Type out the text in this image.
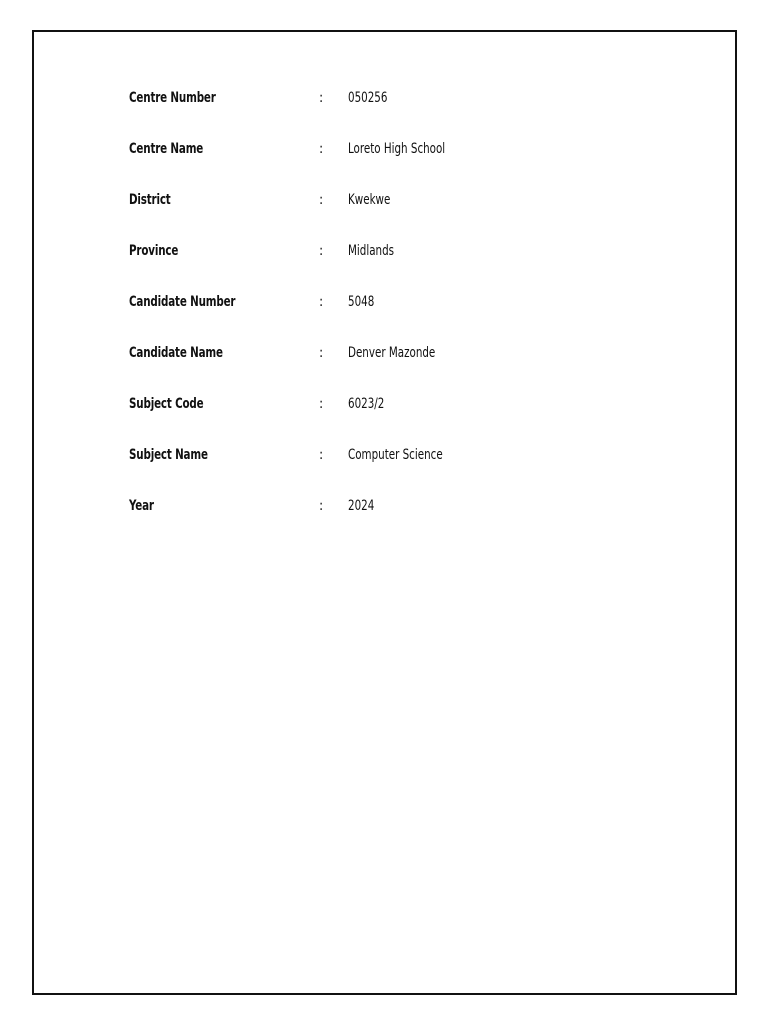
Centre Number	: 050256
Centre Name	: Loreto High School
District	: Kwekwe
Province	: Midlands
Candidate Number	: 5048
Candidate Name	: Denver Mazonde
Subject Code	: 6023/2
Subject Name	: Computer Science
Year	: 2024
